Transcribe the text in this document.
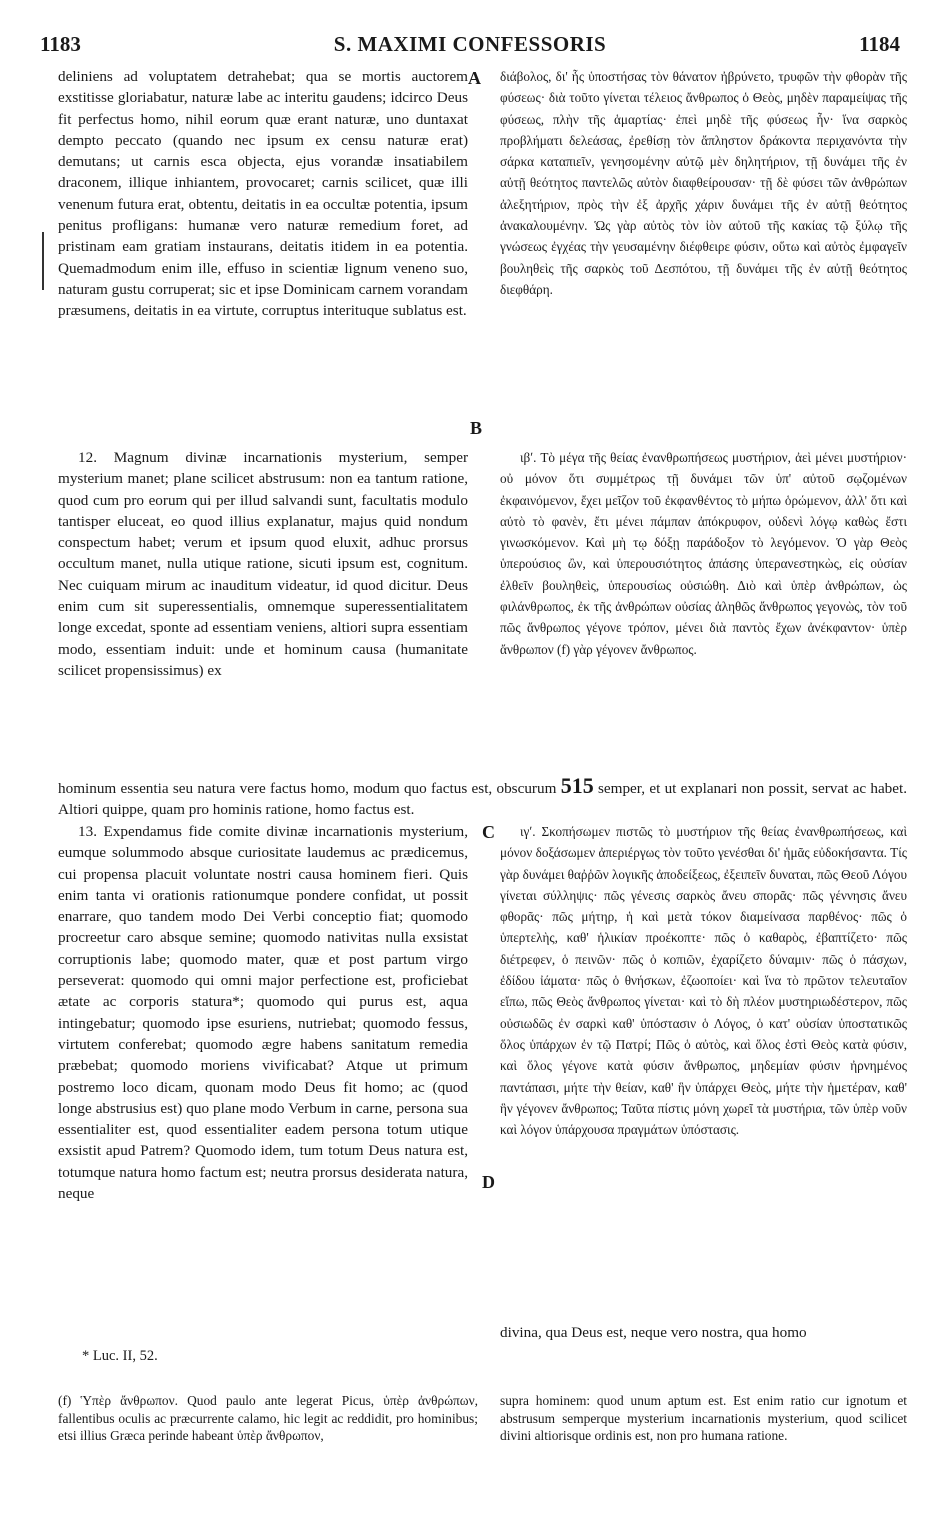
1183	S. MAXIMI CONFESSORIS	1184

deliniens ad voluptatem detrahebat; qua se mortis auctorem exstitisse gloriabatur, naturæ labe ac interitu gaudens; idcirco Deus fit perfectus homo, nihil eorum quæ erant naturæ, uno duntaxat dempto peccato (quando nec ipsum ex censu naturæ erat) demutans; ut carnis esca objecta, ejus vorandæ insatiabilem draconem, illique inhiantem, provocaret; carnis scilicet, quæ illi venenum futura erat, obtentu, deitatis in ea occultæ potentia, ipsum penitus profligans: humanæ vero naturæ remedium foret, ad pristinam eam gratiam instaurans, deitatis itidem in ea potentia. Quemadmodum enim ille, effuso in scientiæ lignum veneno suo, naturam gustu corruperat; sic et ipse Dominicam carnem vorandam præsumens, deitatis in ea virtute, corruptus interituque sublatus est.

διάβολος, δι' ἧς ὑποστήσας τὸν θάνατον ἠβρύνετο, τρυφῶν τὴν φθορὰν τῆς φύσεως· διὰ τοῦτο γίνεται τέλειος ἄνθρωπος ὁ Θεὸς, μηδὲν παραμείψας τῆς φύσεως, πλὴν τῆς ἁμαρτίας· ἐπεὶ μηδὲ τῆς φύσεως ἦν· ἵνα σαρκὸς προβλήματι δελεάσας, ἐρεθίσῃ τὸν ἄπληστον δράκοντα περιχανόντα τὴν σάρκα καταπιεῖν, γενησομένην αὐτῷ μὲν δηλητήριον, τῇ δυνάμει τῆς ἐν αὐτῇ θεότητος παντελῶς αὐτὸν διαφθείρουσαν· τῇ δὲ φύσει τῶν ἀνθρώπων ἀλεξητήριον, πρὸς τὴν ἐξ ἀρχῆς χάριν δυνάμει τῆς ἐν αὐτῇ θεότητος ἀνακαλουμένην. Ὡς γὰρ αὐτὸς τὸν ἰὸν αὐτοῦ τῆς κακίας τῷ ξύλῳ τῆς γνώσεως ἐγχέας τὴν γευσαμένην διέφθειρε φύσιν, οὕτω καὶ αὐτὸς ἐμφαγεῖν βουληθεὶς τῆς σαρκὸς τοῦ Δεσπότου, τῇ δυνάμει τῆς ἐν αὐτῇ θεότητος διεφθάρη.

A
B

12. Magnum divinæ incarnationis mysterium, semper mysterium manet; plane scilicet abstrusum: non ea tantum ratione, quod cum pro eorum qui per illud salvandi sunt, facultatis modulo tantisper eluceat, eo quod illius explanatur, majus quid nondum conspectum habet; verum et ipsum quod eluxit, adhuc prorsus occultum manet, nulla utique ratione, sicuti ipsum est, cognitum. Nec cuiquam mirum ac inauditum videatur, id quod dicitur. Deus enim cum sit superessentialis, omnemque superessentialitatem longe excedat, sponte ad essentiam veniens, altiori supra essentiam modo, essentiam induit: unde et hominum causa (humanitate scilicet propensissimus) ex

ιβʹ. Τὸ μέγα τῆς θείας ἐνανθρωπήσεως μυστήριον, ἀεὶ μένει μυστήριον· οὐ μόνον ὅτι συμμέτρως τῇ δυνάμει τῶν ὑπ' αὐτοῦ σῳζομένων ἐκφαινόμενον, ἔχει μεῖζον τοῦ ἐκφανθέντος τὸ μήπω ὁρώμενον, ἀλλ' ὅτι καὶ αὐτὸ τὸ φανὲν, ἔτι μένει πάμπαν ἀπόκρυφον, οὐδενὶ λόγῳ καθὼς ἔστι γινωσκόμενον. Καὶ μὴ τῳ δόξῃ παράδοξον τὸ λεγόμενον. Ὁ γὰρ Θεὸς ὑπερούσιος ὢν, καὶ ὑπερουσιότητος ἁπάσης ὑπερανεστηκὼς, εἰς οὐσίαν ἐλθεῖν βουληθεὶς, ὑπερουσίως οὐσιώθη. Διὸ καὶ ὑπὲρ ἀνθρώπων, ὡς φιλάνθρωπος, ἐκ τῆς ἀνθρώπων οὐσίας ἀληθῶς ἄνθρωπος γεγονὼς, τὸν τοῦ πῶς ἄνθρωπος γέγονε τρόπον, μένει διὰ παντὸς ἔχων ἀνέκφαντον· ὑπὲρ ἄνθρωπον (f) γὰρ γέγονεν ἄνθρωπος.

hominum essentia seu natura vere factus homo, modum quo factus est, obscurum 515 semper, et ut explanari non possit, servat ac habet. Altiori quippe, quam pro hominis ratione, homo factus est.
C

13. Expendamus fide comite divinæ incarnationis mysterium, eumque solummodo absque curiositate laudemus ac prædicemus, cui propensa placuit voluntate nostri causa hominem fieri. Quis enim tanta vi orationis rationumque pondere confidat, ut possit enarrare, quo tandem modo Dei Verbi conceptio fiat; quomodo procreetur caro absque semine; quomodo nativitas nulla exsistat corruptionis labe; quomodo mater, quæ et post partum virgo perseverat: quomodo qui omni major perfectione est, proficiebat ætate ac corporis statura*; quomodo qui purus est, aqua intingebatur; quomodo ipse esuriens, nutriebat; quomodo fessus, virtutem conferebat; quomodo ægre habens sanitatum remedia præbebat; quomodo moriens vivificabat? Atque ut primum postremo loco dicam, quonam modo Deus fit homo; ac (quod longe abstrusius est) quo plane modo Verbum in carne, persona sua essentialiter est, quod essentialiter eadem persona totum utique exsistit apud Patrem? Quomodo idem, tum totum Deus natura est, totumque natura homo factum est; neutra prorsus desiderata natura, neque

ιγʹ. Σκοπήσωμεν πιστῶς τὸ μυστήριον τῆς θείας ἐνανθρωπήσεως, καὶ μόνον δοξάσωμεν ἀπεριέργως τὸν τοῦτο γενέσθαι δι' ἡμᾶς εὐδοκήσαντα. Τίς γὰρ δυνάμει θαῤῥῶν λογικῆς ἀποδείξεως, ἐξειπεῖν δυναται, πῶς Θεοῦ Λόγου γίνεται σύλληψις· πῶς γένεσις σαρκὸς ἄνευ σπορᾶς· πῶς γέννησις ἄνευ φθορᾶς· πῶς μήτηρ, ἡ καὶ μετὰ τόκον διαμείνασα παρθένος· πῶς ὁ ὑπερτελὴς, καθ' ἡλικίαν προέκοπτε· πῶς ὁ καθαρὸς, ἐβαπτίζετο· πῶς διέτρεφεν, ὁ πεινῶν· πῶς ὁ κοπιῶν, ἐχαρίζετο δύναμιν· πῶς ὁ πάσχων, ἐδίδου ἰάματα· πῶς ὁ θνήσκων, ἐζωοποίει· καὶ ἵνα τὸ πρῶτον τελευταῖον εἴπω, πῶς Θεὸς ἄνθρωπος γίνεται· καὶ τὸ δὴ πλέον μυστηριωδέστερον, πῶς οὐσιωδῶς ἐν σαρκὶ καθ' ὑπόστασιν ὁ Λόγος, ὁ κατ' οὐσίαν ὑποστατικῶς ὅλος ὑπάρχων ἐν τῷ Πατρί; Πῶς ὁ αὐτὸς, καὶ ὅλος ἐστὶ Θεὸς κατὰ φύσιν, καὶ ὅλος γέγονε κατὰ φύσιν ἄνθρωπος, μηδεμίαν φύσιν ἠρνημένος παντάπασι, μήτε τὴν θείαν, καθ' ἣν ὑπάρχει Θεὸς, μήτε τὴν ἡμετέραν, καθ' ἣν γέγονεν ἄνθρωπος; Ταῦτα πίστις μόνη χωρεῖ τὰ μυστήρια, τῶν ὑπὲρ νοῦν καὶ λόγον ὑπάρχουσα πραγμάτων ὑπόστασις.

D
divina, qua Deus est, neque vero nostra, qua homo
* Luc. II, 52.
(f) Ὑπὲρ ἄνθρωπον. Quod paulo ante legerat Picus, ὑπὲρ ἀνθρώπων, fallentibus oculis ac præcurrente calamo, hic legit ac reddidit, pro hominibus; etsi illius Græca perinde habeant ὑπὲρ ἄνθρωπον,
supra hominem: quod unum aptum est. Est enim ratio cur ignotum et abstrusum semperque mysterium incarnationis mysterium, quod scilicet divini altiorisque ordinis est, non pro humana ratione.
